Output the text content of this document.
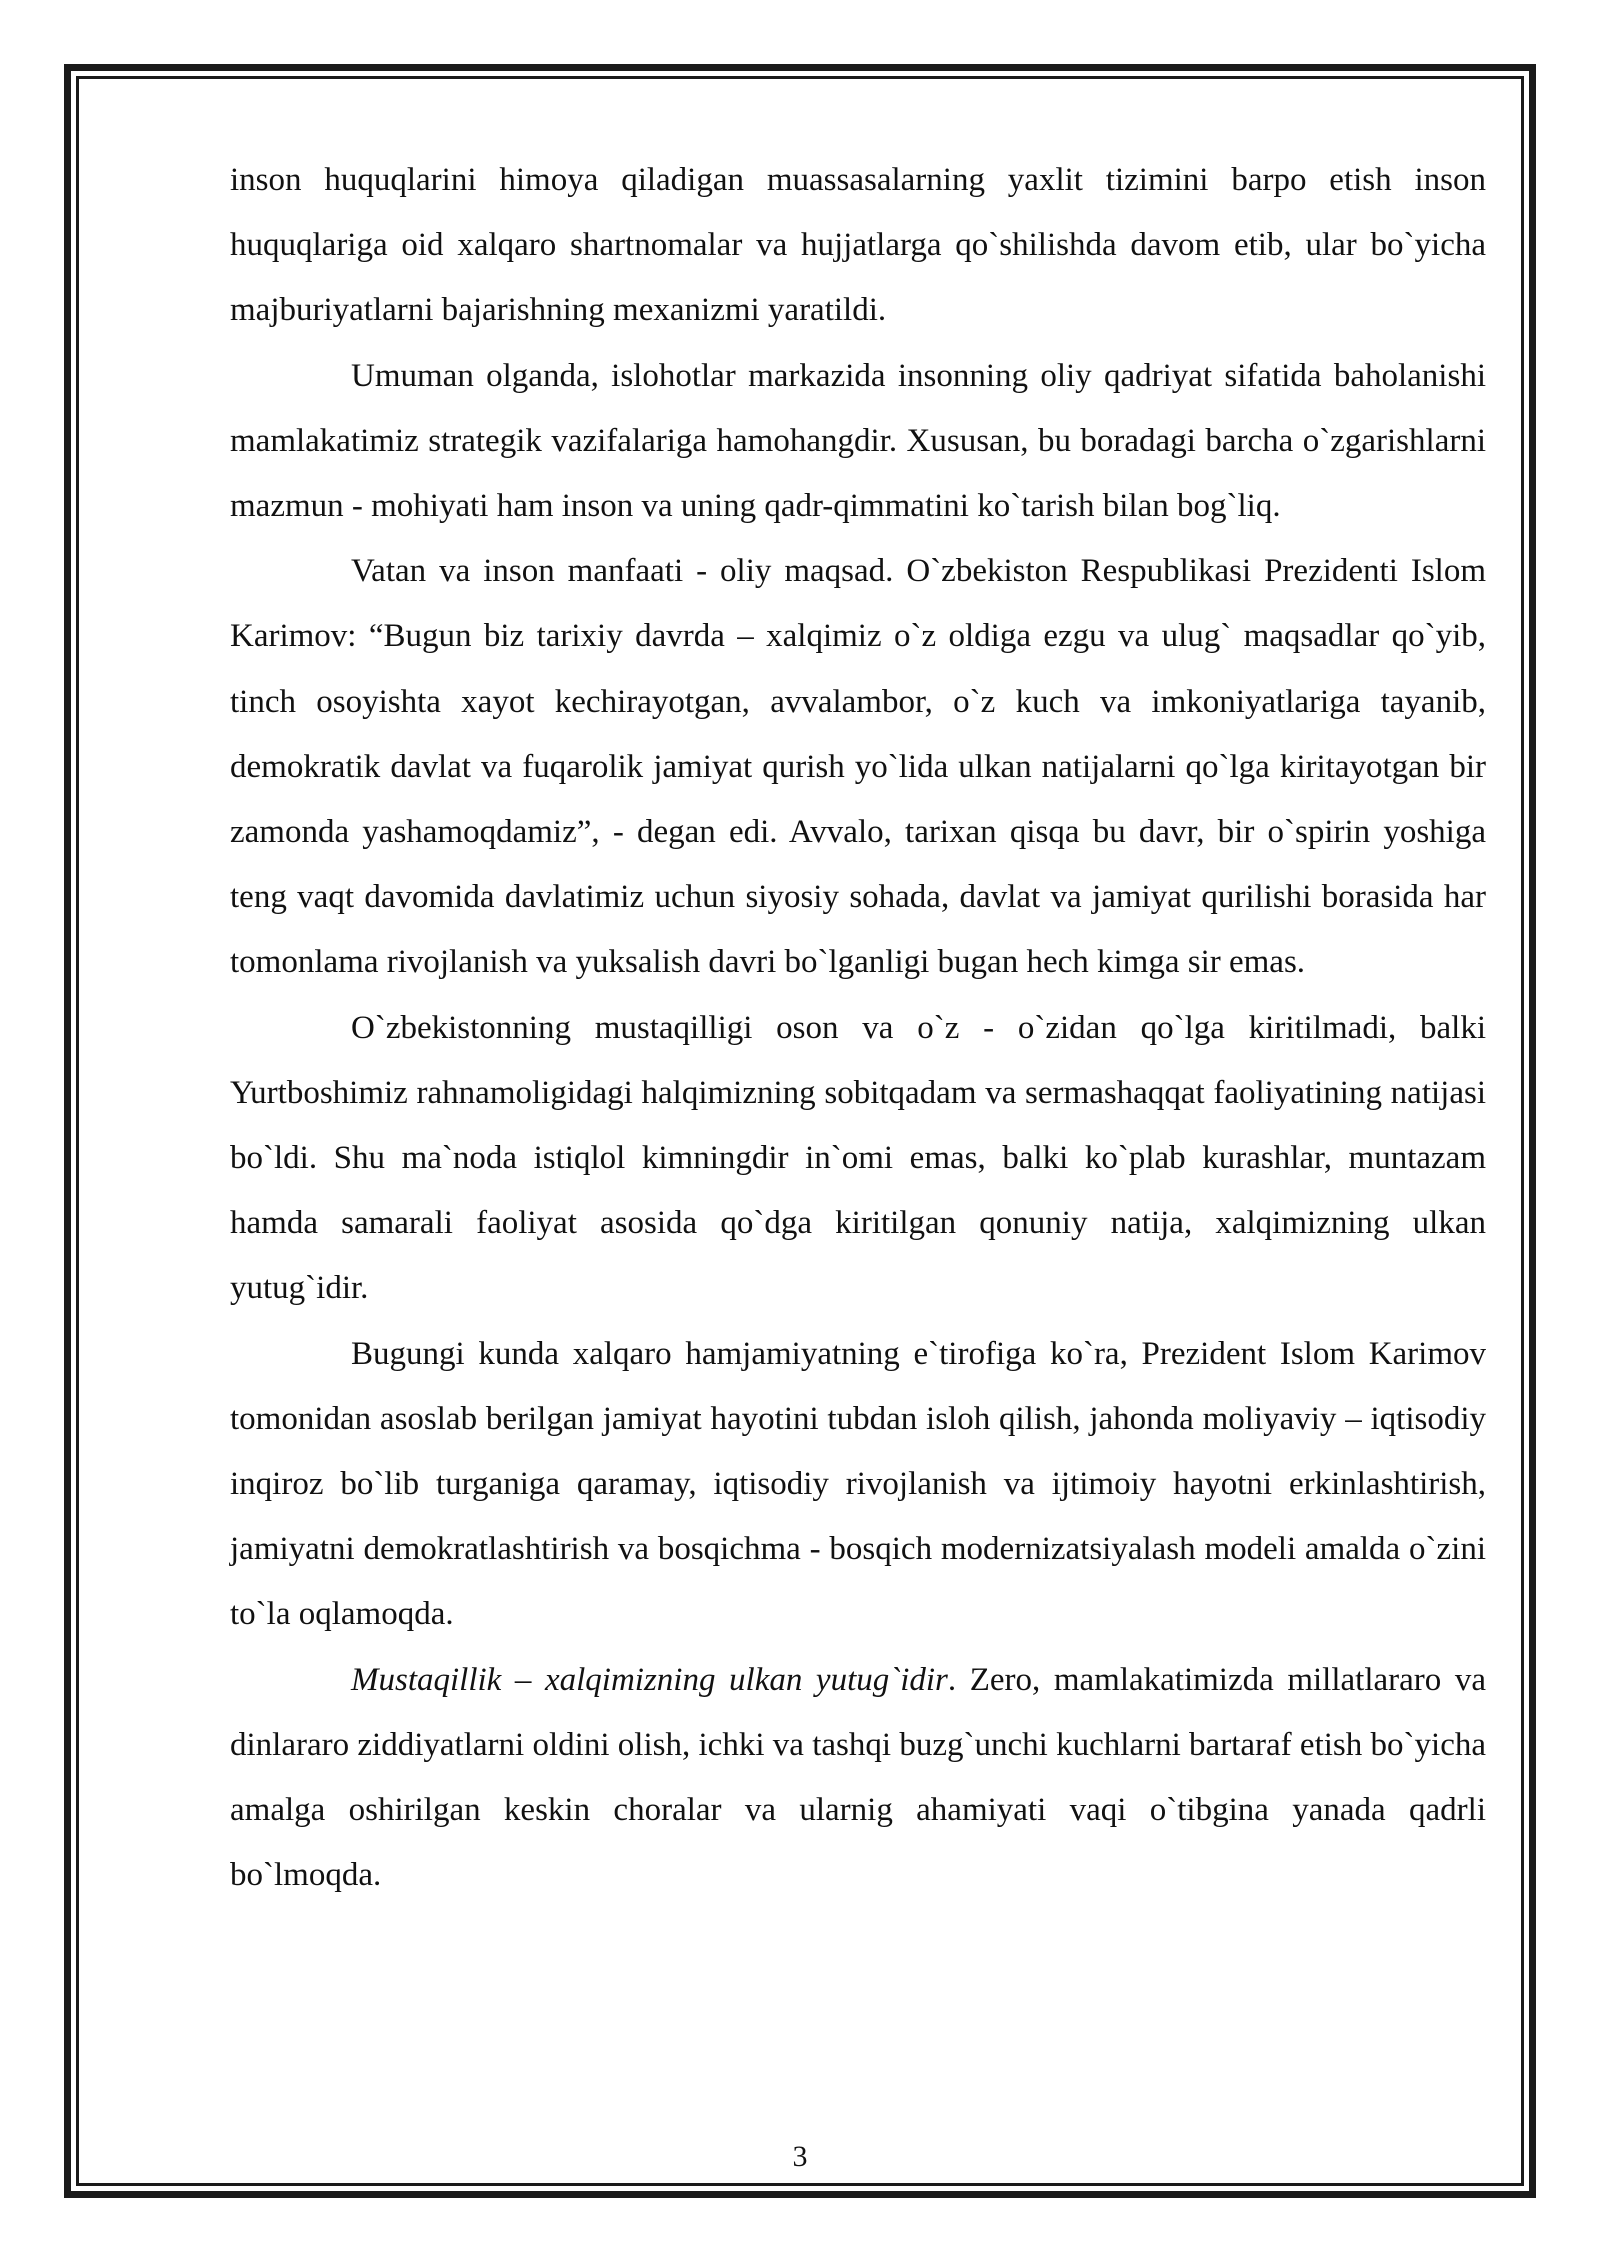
inson huquqlarini himoya qiladigan muassasalarning yaxlit tizimini barpo etish inson huquqlariga oid xalqaro shartnomalar va hujjatlarga qo`shilishda davom etib, ular bo`yicha majburiyatlarni bajarishning mexanizmi yaratildi.

Umuman olganda, islohotlar markazida insonning oliy qadriyat sifatida baholanishi mamlakatimiz strategik vazifalariga hamohangdir. Xususan, bu boradagi barcha o`zgarishlarni mazmun - mohiyati ham inson va uning qadr-qimmatini ko`tarish bilan bog`liq.

Vatan va inson manfaati - oliy maqsad. O`zbekiston Respublikasi Prezidenti Islom Karimov: “Bugun biz tarixiy davrda – xalqimiz o`z oldiga ezgu va ulug` maqsadlar qo`yib, tinch osoyishta xayot kechirayotgan, avvalambor, o`z kuch va imkoniyatlariga tayanib, demokratik davlat va fuqarolik jamiyat qurish yo`lida ulkan natijalarni qo`lga kiritayotgan bir zamonda yashamoqdamiz”, - degan edi. Avvalo, tarixan qisqa bu davr, bir o`spirin yoshiga teng vaqt davomida davlatimiz uchun siyosiy sohada, davlat va jamiyat qurilishi borasida har tomonlama rivojlanish va yuksalish davri bo`lganligi bugan hech kimga sir emas.

O`zbekistonning mustaqilligi oson va o`z - o`zidan qo`lga kiritilmadi, balki Yurtboshimiz rahnamoligidagi halqimizning sobitqadam va sermashaqqat faoliyatining natijasi bo`ldi. Shu ma`noda istiqlol kimningdir in`omi emas, balki ko`plab kurashlar, muntazam hamda samarali faoliyat asosida qo`dga kiritilgan qonuniy natija, xalqimizning ulkan yutug`idir.

Bugungi kunda xalqaro hamjamiyatning e`tirofiga ko`ra, Prezident Islom Karimov tomonidan asoslab berilgan jamiyat hayotini tubdan isloh qilish, jahonda moliyaviy – iqtisodiy inqiroz bo`lib turganiga qaramay, iqtisodiy rivojlanish va ijtimoiy hayotni erkinlashtirish, jamiyatni demokratlashtirish va bosqichma - bosqich modernizatsiyalash modeli amalda o`zini to`la oqlamoqda.

Mustaqillik – xalqimizning ulkan yutug`idir. Zero, mamlakatimizda millatlararo va dinlararo ziddiyatlarni oldini olish, ichki va tashqi buzg`unchi kuchlarni bartaraf etish bo`yicha amalga oshirilgan keskin choralar va ularnig ahamiyati vaqi o`tibgina yanada qadrli bo`lmoqda.

3
